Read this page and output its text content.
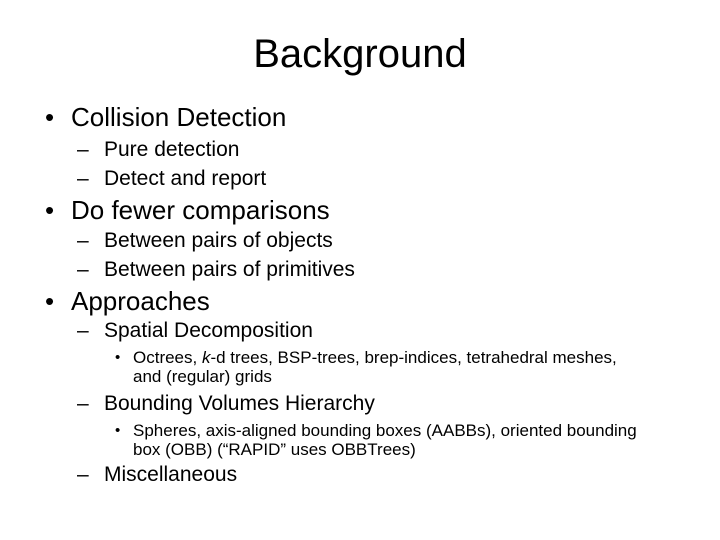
Background
• Collision Detection
– Pure detection
– Detect and report
• Do fewer comparisons
– Between pairs of objects
– Between pairs of primitives
• Approaches
– Spatial Decomposition
• Octrees, k-d trees, BSP-trees, brep-indices, tetrahedral meshes, and (regular) grids
– Bounding Volumes Hierarchy
• Spheres, axis-aligned bounding boxes (AABBs), oriented bounding box (OBB) (“RAPID” uses OBBTrees)
– Miscellaneous
